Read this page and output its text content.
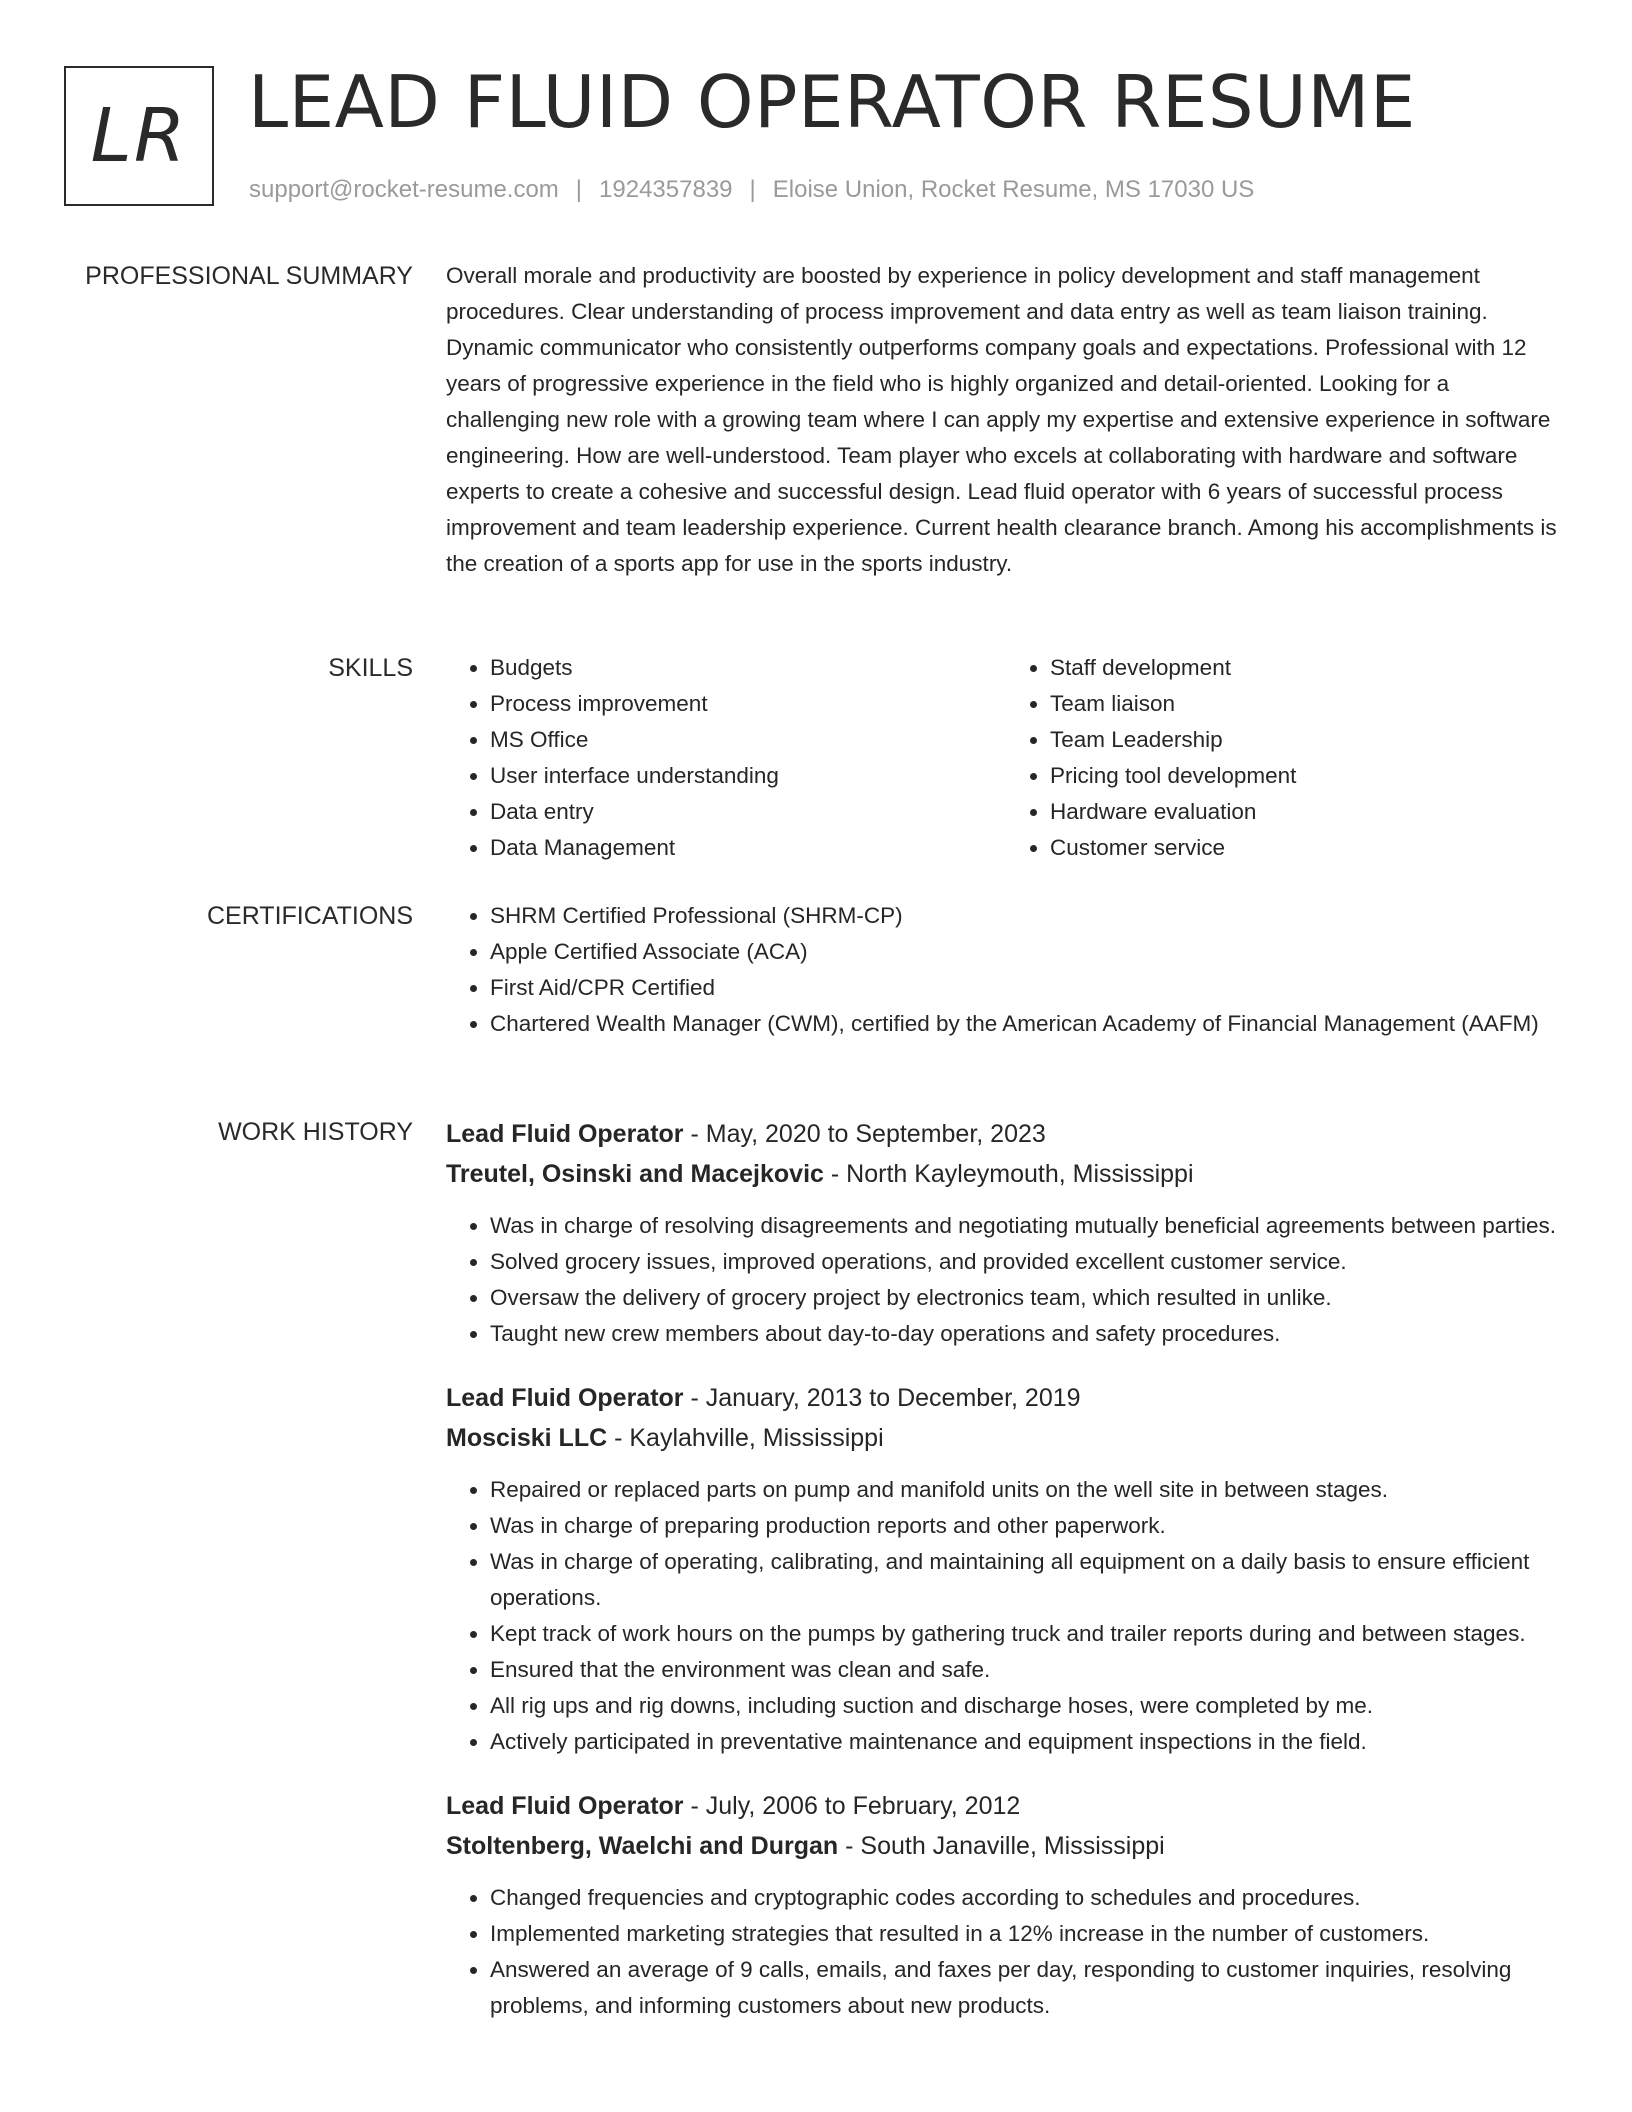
LR LEAD FLUID OPERATOR RESUME
support@rocket-resume.com | 1924357839 | Eloise Union, Rocket Resume, MS 17030 US
PROFESSIONAL SUMMARY Overall morale and productivity are boosted by experience in policy development and staff management procedures. Clear understanding of process improvement and data entry as well as team liaison training. Dynamic communicator who consistently outperforms company goals and expectations. Professional with 12 years of progressive experience in the field who is highly organized and detail-oriented. Looking for a challenging new role with a growing team where I can apply my expertise and extensive experience in software engineering. How are well-understood. Team player who excels at collaborating with hardware and software experts to create a cohesive and successful design. Lead fluid operator with 6 years of successful process improvement and team leadership experience. Current health clearance branch. Among his accomplishments is the creation of a sports app for use in the sports industry.

SKILLS	• Budgets
• Process improvement
• MS Office
• User interface understanding
• Data entry
• Data Management
• Staff development
• Team liaison
• Team Leadership
• Pricing tool development
• Hardware evaluation
• Customer service
CERTIFICATIONS	• SHRM Certified Professional (SHRM-CP)
• Apple Certified Associate (ACA)
• First Aid/CPR Certified
• Chartered Wealth Manager (CWM), certified by the American Academy of Financial Management (AAFM)
WORK HISTORY Lead Fluid Operator - May, 2020 to September, 2023

Treutel, Osinski and Macejkovic - North Kayleymouth, Mississippi

• Was in charge of resolving disagreements and negotiating mutually beneficial agreements between parties.
• Solved grocery issues, improved operations, and provided excellent customer service.
• Oversaw the delivery of grocery project by electronics team, which resulted in unlike.
• Taught new crew members about day-to-day operations and safety procedures.

Lead Fluid Operator - January, 2013 to December, 2019

Mosciski LLC - Kaylahville, Mississippi

• Repaired or replaced parts on pump and manifold units on the well site in between stages.
• Was in charge of preparing production reports and other paperwork.
• Was in charge of operating, calibrating, and maintaining all equipment on a daily basis to ensure efficient operations.
• Kept track of work hours on the pumps by gathering truck and trailer reports during and between stages.
• Ensured that the environment was clean and safe.
• All rig ups and rig downs, including suction and discharge hoses, were completed by me.
• Actively participated in preventative maintenance and equipment inspections in the field.

Lead Fluid Operator - July, 2006 to February, 2012

Stoltenberg, Waelchi and Durgan - South Janaville, Mississippi

• Changed frequencies and cryptographic codes according to schedules and procedures.
• Implemented marketing strategies that resulted in a 12% increase in the number of customers.
• Answered an average of 9 calls, emails, and faxes per day, responding to customer inquiries, resolving problems, and informing customers about new products.
